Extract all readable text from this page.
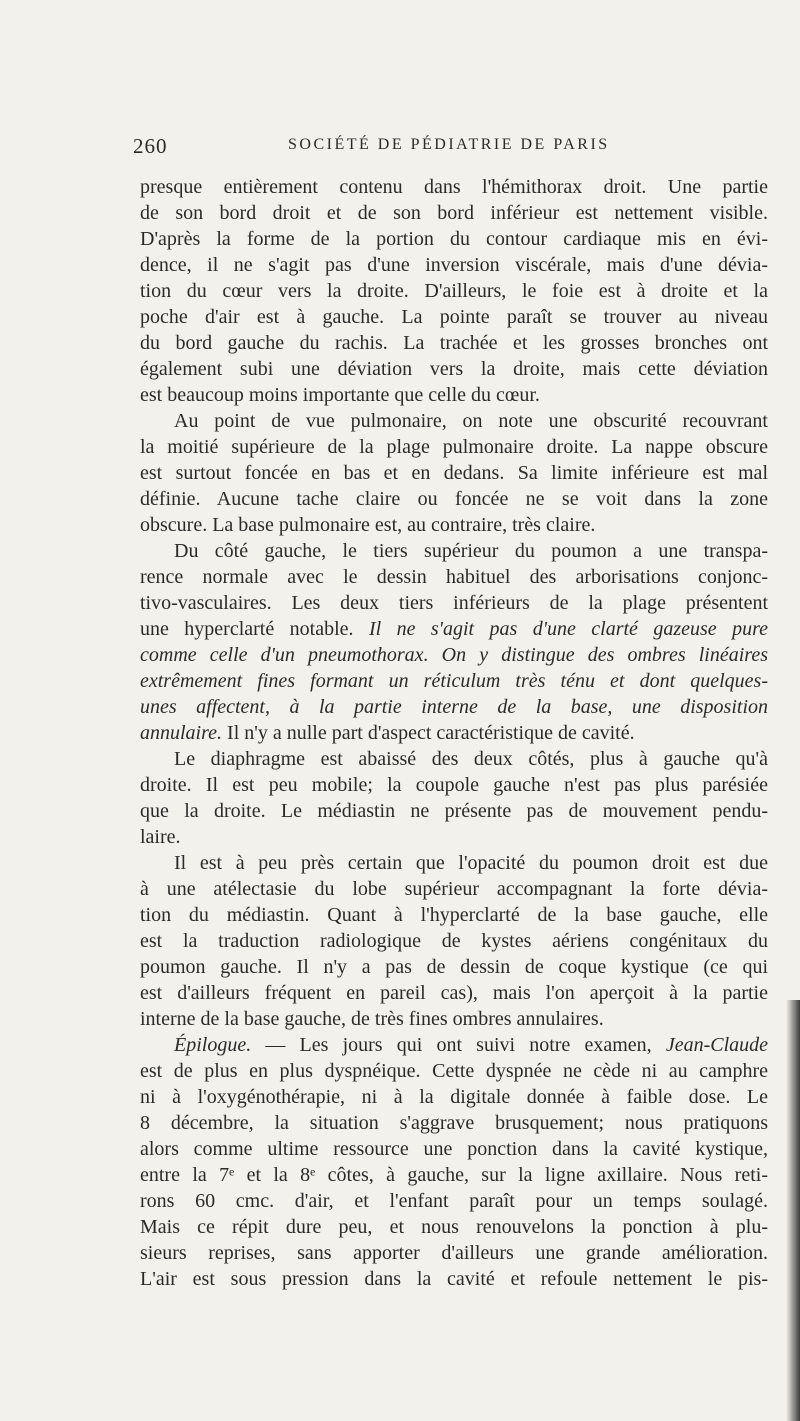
260	SOCIÉTÉ DE PÉDIATRIE DE PARIS
presque entièrement contenu dans l'hémithorax droit. Une partie
de son bord droit et de son bord inférieur est nettement visible.
D'après la forme de la portion du contour cardiaque mis en évi-
dence, il ne s'agit pas d'une inversion viscérale, mais d'une dévia-
tion du cœur vers la droite. D'ailleurs, le foie est à droite et la
poche d'air est à gauche. La pointe paraît se trouver au niveau
du bord gauche du rachis. La trachée et les grosses bronches ont
également subi une déviation vers la droite, mais cette déviation
est beaucoup moins importante que celle du cœur.
Au point de vue pulmonaire, on note une obscurité recouvrant
la moitié supérieure de la plage pulmonaire droite. La nappe obscure
est surtout foncée en bas et en dedans. Sa limite inférieure est mal
définie. Aucune tache claire ou foncée ne se voit dans la zone
obscure. La base pulmonaire est, au contraire, très claire.
Du côté gauche, le tiers supérieur du poumon a une transpa-
rence normale avec le dessin habituel des arborisations conjonc-
tivo-vasculaires. Les deux tiers inférieurs de la plage présentent
une hyperclarté notable. Il ne s'agit pas d'une clarté gazeuse pure
comme celle d'un pneumothorax. On y distingue des ombres linéaires
extrêmement fines formant un réticulum très ténu et dont quelques-
unes affectent, à la partie interne de la base, une disposition
annulaire. Il n'y a nulle part d'aspect caractéristique de cavité.
Le diaphragme est abaissé des deux côtés, plus à gauche qu'à
droite. Il est peu mobile; la coupole gauche n'est pas plus parésiée
que la droite. Le médiastin ne présente pas de mouvement pendu-
laire.
Il est à peu près certain que l'opacité du poumon droit est due
à une atélectasie du lobe supérieur accompagnant la forte dévia-
tion du médiastin. Quant à l'hyperclarté de la base gauche, elle
est la traduction radiologique de kystes aériens congénitaux du
poumon gauche. Il n'y a pas de dessin de coque kystique (ce qui
est d'ailleurs fréquent en pareil cas), mais l'on aperçoit à la partie
interne de la base gauche, de très fines ombres annulaires.
Épilogue. — Les jours qui ont suivi notre examen, Jean-Claude
est de plus en plus dyspnéique. Cette dyspnée ne cède ni au camphre
ni à l'oxygénothérapie, ni à la digitale donnée à faible dose. Le
8 décembre, la situation s'aggrave brusquement; nous pratiquons
alors comme ultime ressource une ponction dans la cavité kystique,
entre la 7ᵉ et la 8ᵉ côtes, à gauche, sur la ligne axillaire. Nous reti-
rons 60 cmc. d'air, et l'enfant paraît pour un temps soulagé.
Mais ce répit dure peu, et nous renouvelons la ponction à plu-
sieurs reprises, sans apporter d'ailleurs une grande amélioration.
L'air est sous pression dans la cavité et refoule nettement le pis-
